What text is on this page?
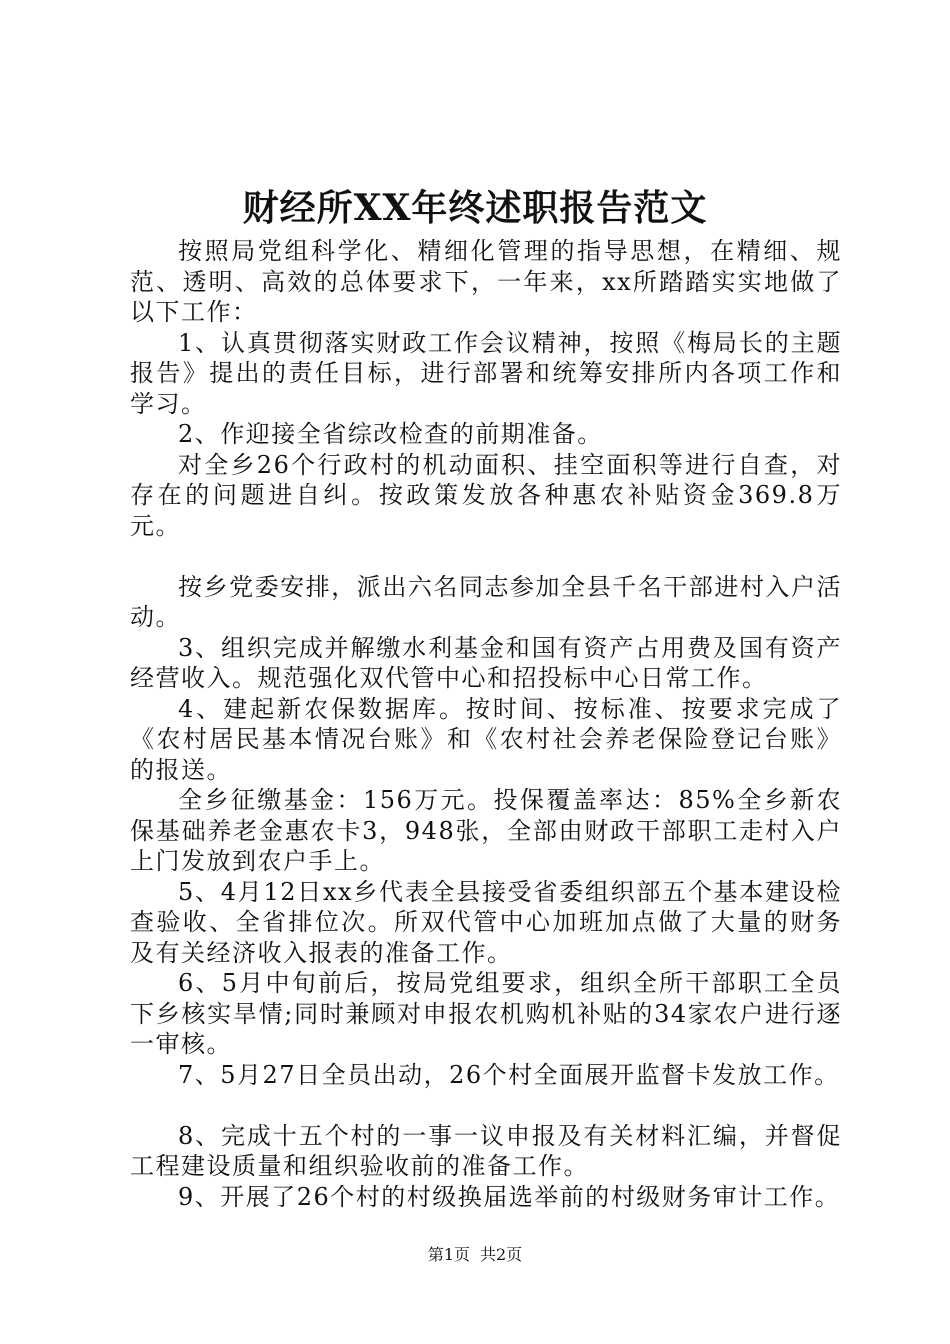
财经所XX年终述职报告范文

按照局党组科学化、精细化管理的指导思想，在精细、规范、透明、高效的总体要求下，一年来，xx所踏踏实实地做了以下工作：

1、认真贯彻落实财政工作会议精神，按照《梅局长的主题报告》提出的责任目标，进行部署和统筹安排所内各项工作和学习。

2、作迎接全省综改检查的前期准备。

对全乡26个行政村的机动面积、挂空面积等进行自查，对存在的问题进自纠。按政策发放各种惠农补贴资金369.8万元。

按乡党委安排，派出六名同志参加全县千名干部进村入户活动。

3、组织完成并解缴水利基金和国有资产占用费及国有资产经营收入。规范强化双代管中心和招投标中心日常工作。

4、建起新农保数据库。按时间、按标准、按要求完成了《农村居民基本情况台账》和《农村社会养老保险登记台账》的报送。

全乡征缴基金：156万元。投保覆盖率达：85%全乡新农保基础养老金惠农卡3，948张，全部由财政干部职工走村入户上门发放到农户手上。

5、4月12日xx乡代表全县接受省委组织部五个基本建设检查验收、全省排位次。所双代管中心加班加点做了大量的财务及有关经济收入报表的准备工作。

6、5月中旬前后，按局党组要求，组织全所干部职工全员下乡核实旱情;同时兼顾对申报农机购机补贴的34家农户进行逐一审核。

7、5月27日全员出动，26个村全面展开监督卡发放工作。

8、完成十五个村的一事一议申报及有关材料汇编，并督促工程建设质量和组织验收前的准备工作。

9、开展了26个村的村级换届选举前的村级财务审计工作。

第1页 共2页
